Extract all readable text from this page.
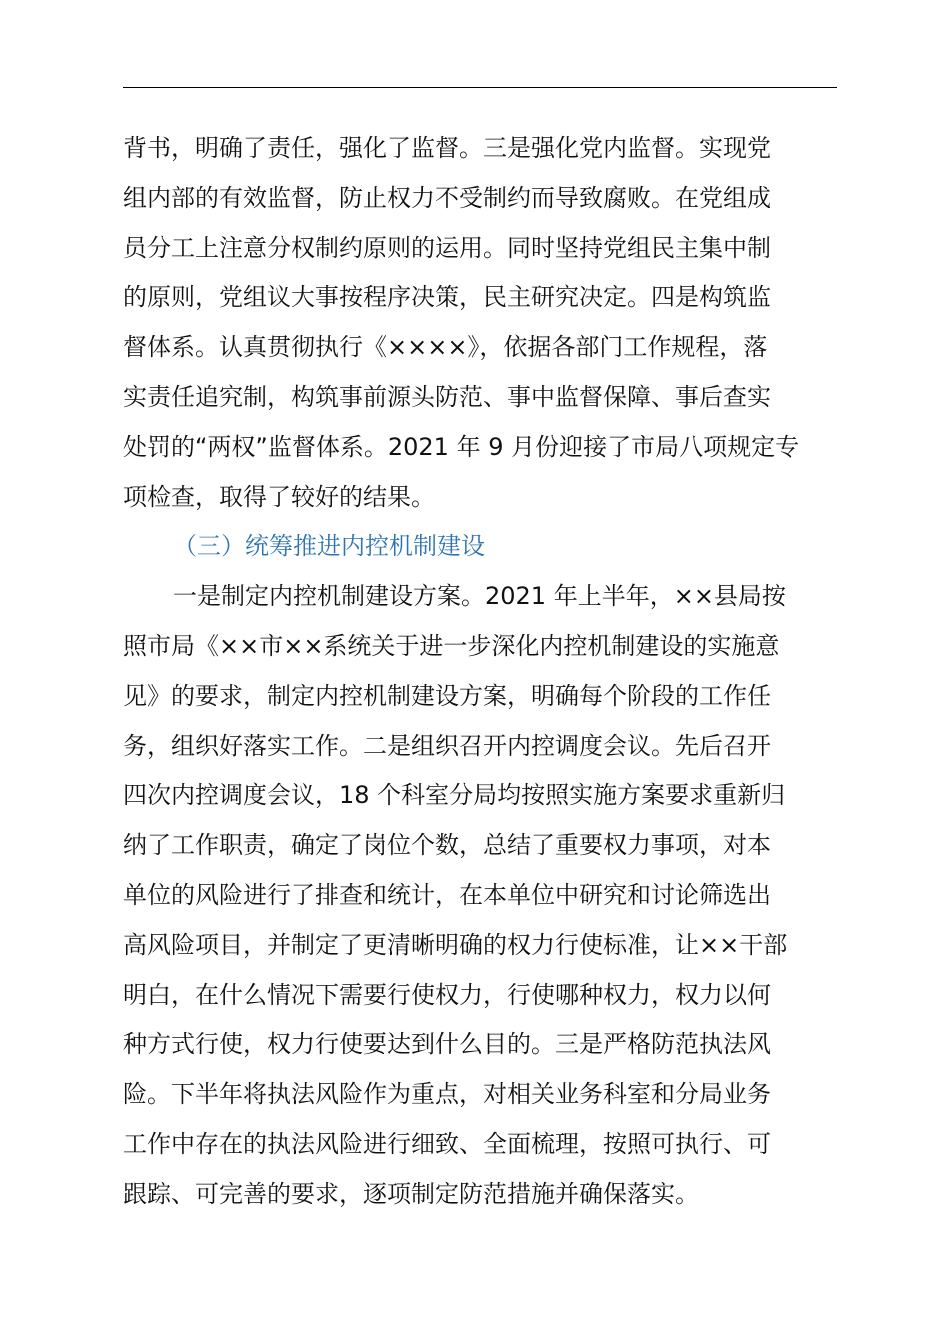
背书，明确了责任，强化了监督。三是强化党内监督。实现党
组内部的有效监督，防止权力不受制约而导致腐败。在党组成
员分工上注意分权制约原则的运用。同时坚持党组民主集中制
的原则，党组议大事按程序决策，民主研究决定。四是构筑监
督体系。认真贯彻执行《××××》，依据各部门工作规程，落
实责任追究制，构筑事前源头防范、事中监督保障、事后查实
处罚的“两权”监督体系。2021 年 9 月份迎接了市局八项规定专
项检查，取得了较好的结果。
（三）统筹推进内控机制建设
一是制定内控机制建设方案。2021 年上半年，××县局按
照市局《××市××系统关于进一步深化内控机制建设的实施意
见》的要求，制定内控机制建设方案，明确每个阶段的工作任
务，组织好落实工作。二是组织召开内控调度会议。先后召开
四次内控调度会议，18 个科室分局均按照实施方案要求重新归
纳了工作职责，确定了岗位个数，总结了重要权力事项，对本
单位的风险进行了排查和统计，在本单位中研究和讨论筛选出
高风险项目，并制定了更清晰明确的权力行使标准，让××干部
明白，在什么情况下需要行使权力，行使哪种权力，权力以何
种方式行使，权力行使要达到什么目的。三是严格防范执法风
险。下半年将执法风险作为重点，对相关业务科室和分局业务
工作中存在的执法风险进行细致、全面梳理，按照可执行、可
跟踪、可完善的要求，逐项制定防范措施并确保落实。
